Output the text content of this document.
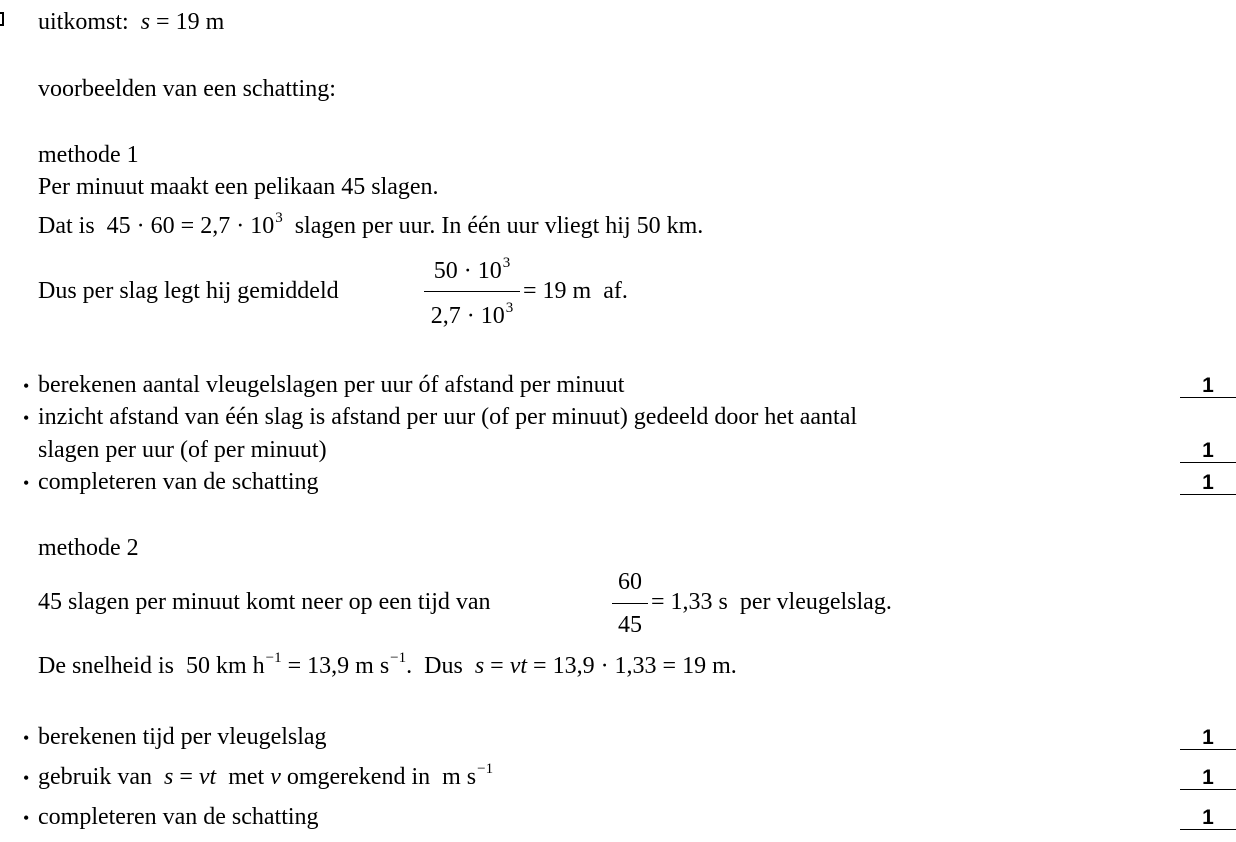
uitkomst: s = 19 m
voorbeelden van een schatting:
methode 1
Per minuut maakt een pelikaan 45 slagen.
Dat is $45 \cdot 60 = 2,7 \cdot 10^3$ slagen per uur. In één uur vliegt hij 50 km.
Dus per slag legt hij gemiddeld
$50 \cdot 10^3$
$2,7 \cdot 10^3$
= 19 m af.
• berekenen aantal vleugelslagen per uur óf afstand per minuut	1
• inzicht afstand van één slag is afstand per uur (of per minuut) gedeeld door het aantal
slagen per uur (of per minuut)	1
• completeren van de schatting	1
methode 2
45 slagen per minuut komt neer op een tijd van
60
45
= 1,33 s per vleugelslag.
De snelheid is 50 km $h^{-1} = 13,9$ m $s^{-1}$. Dus s = vt = 13,9 · 1,33 = 19 m.
• berekenen tijd per vleugelslag	1
• gebruik van s = vt met v omgerekend in m $s^{-1}$	1
• completeren van de schatting	1
